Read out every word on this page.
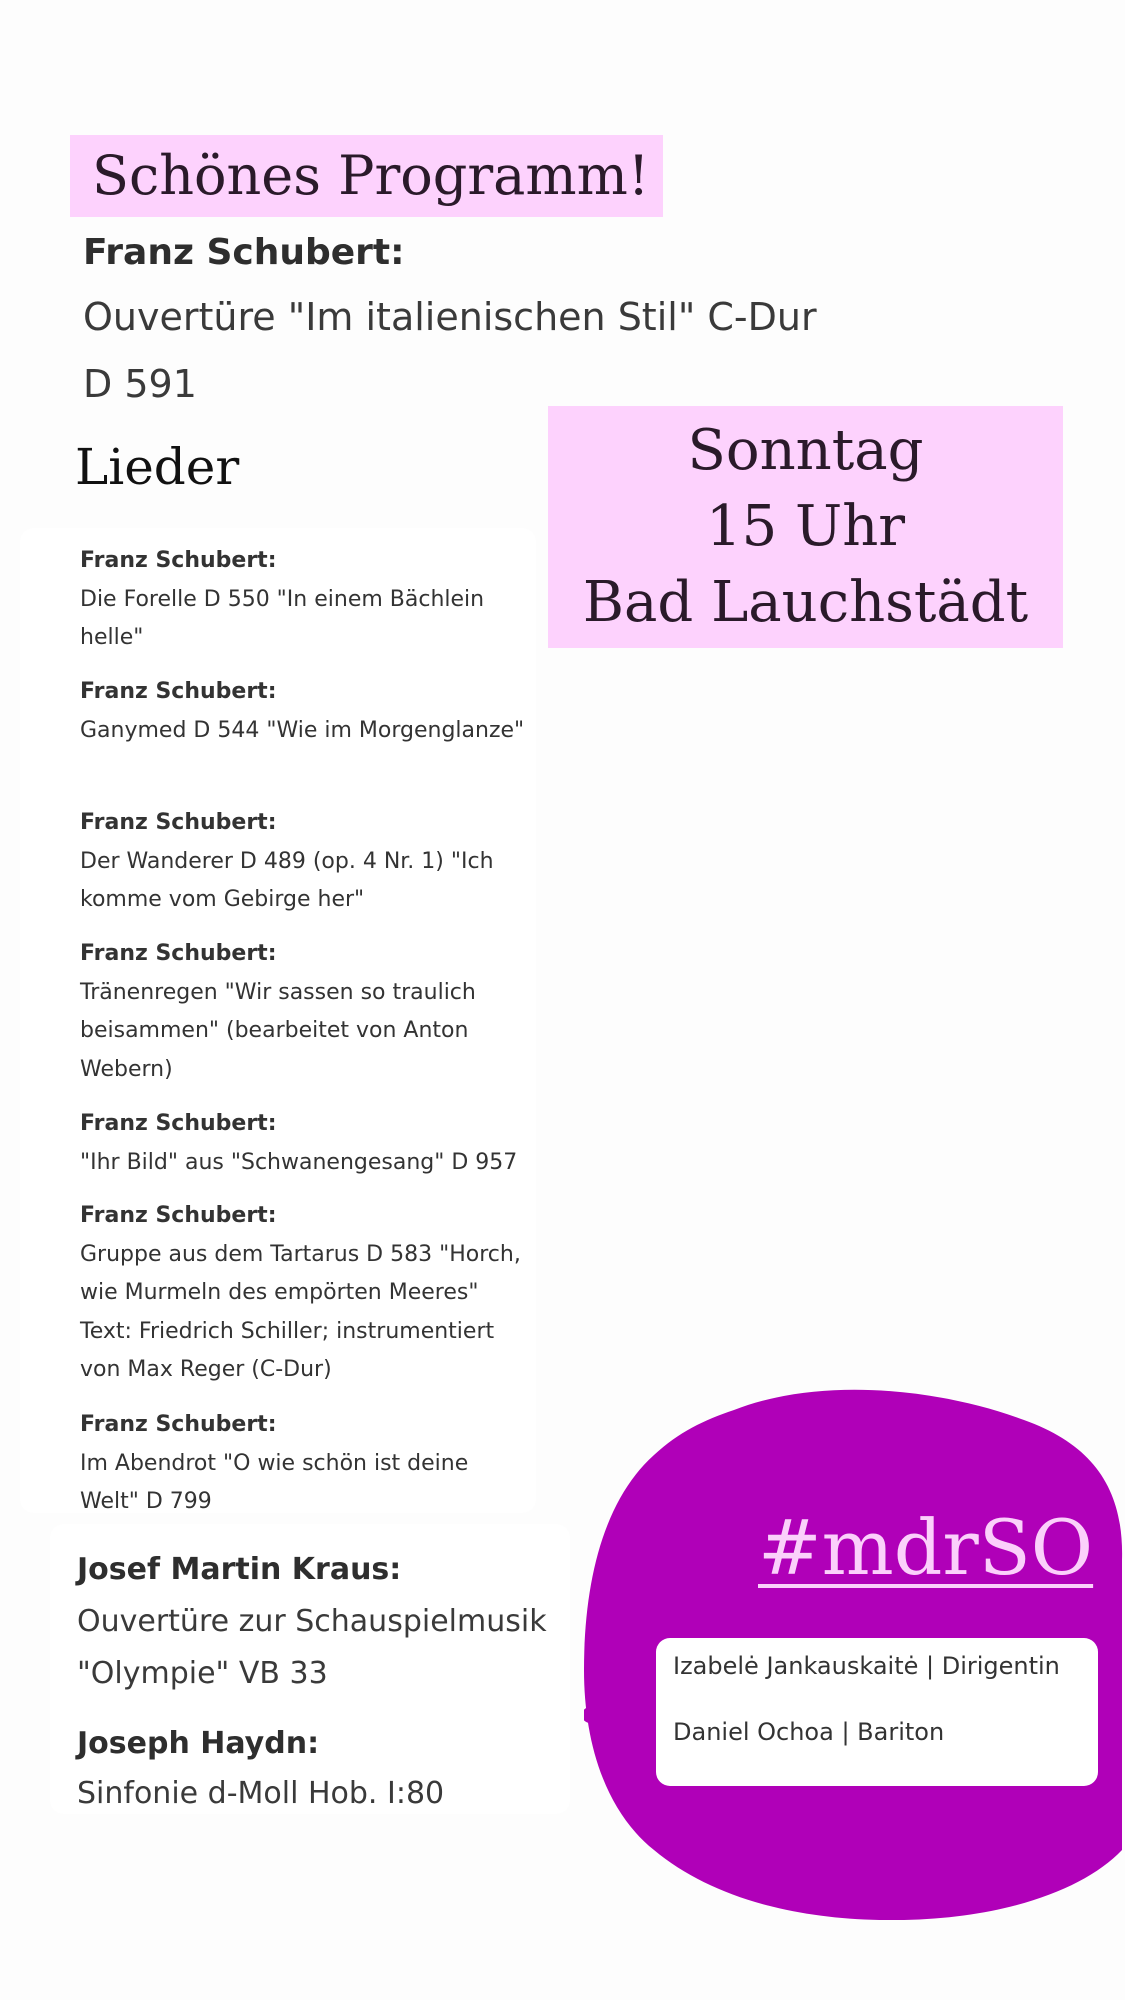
Schönes Programm!
Franz Schubert:
Ouvertüre "Im italienischen Stil" C-Dur
D 591
Lieder	Sonntag
15 Uhr
Bad Lauchstädt
Franz Schubert:
Die Forelle D 550 "In einem Bächlein helle"
Franz Schubert:
Ganymed D 544 "Wie im Morgenglanze"
Franz Schubert:
Der Wanderer D 489 (op. 4 Nr. 1) "Ich komme vom Gebirge her"
Franz Schubert:
Tränenregen "Wir sassen so traulich beisammen" (bearbeitet von Anton Webern)
Franz Schubert:
"Ihr Bild" aus "Schwanengesang" D 957
Franz Schubert:
Gruppe aus dem Tartarus D 583 "Horch, wie Murmeln des empörten Meeres" Text: Friedrich Schiller; instrumentiert von Max Reger (C-Dur)
Franz Schubert:
Im Abendrot "O wie schön ist deine Welt" D 799
Josef Martin Kraus:
Ouvertüre zur Schauspielmusik
"Olympie" VB 33
Joseph Haydn:
Sinfonie d-Moll Hob. I:80
#mdrSO
Izabelė Jankauskaitė | Dirigentin
Daniel Ochoa | Bariton
